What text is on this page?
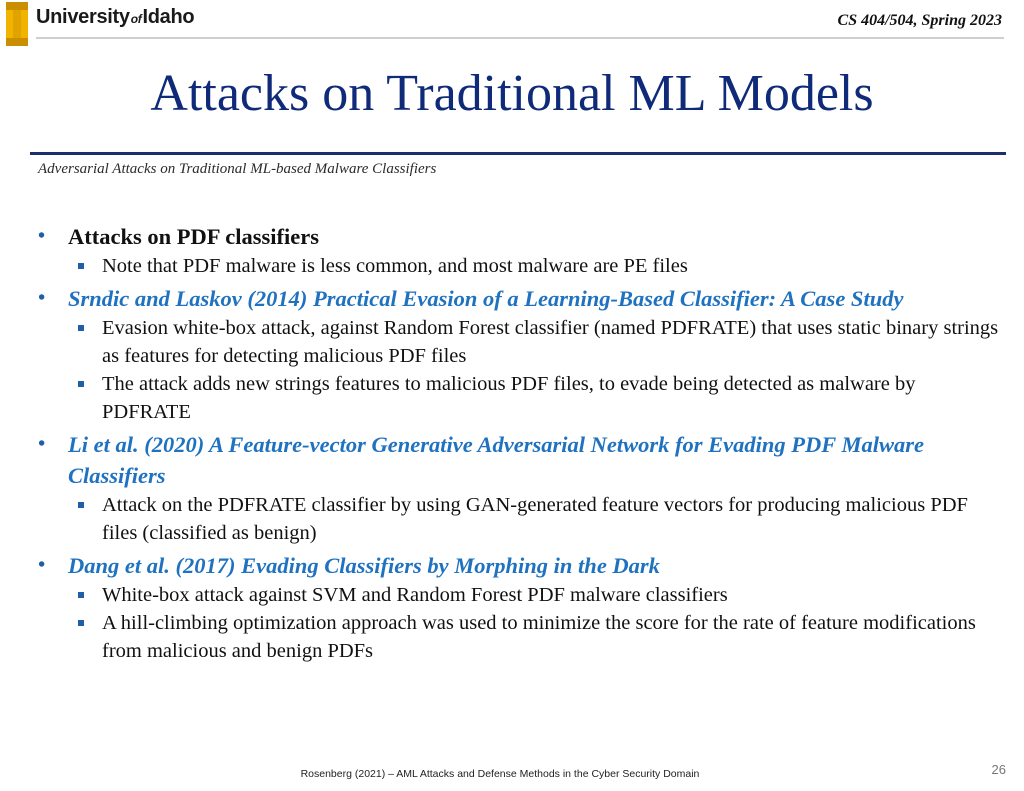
UniversityofIdaho	CS 404/504, Spring 2023
Attacks on Traditional ML Models
Adversarial Attacks on Traditional ML-based Malware Classifiers
• Attacks on PDF classifiers
Note that PDF malware is less common, and most malware are PE files
• Srndic and Laskov (2014) Practical Evasion of a Learning-Based Classifier: A Case Study
Evasion white-box attack, against Random Forest classifier (named PDFRATE) that uses static binary strings as features for detecting malicious PDF files
The attack adds new strings features to malicious PDF files, to evade being detected as malware by PDFRATE
• Li et al. (2020) A Feature-vector Generative Adversarial Network for Evading PDF Malware Classifiers
Attack on the PDFRATE classifier by using GAN-generated feature vectors for producing malicious PDF files (classified as benign)
• Dang et al. (2017) Evading Classifiers by Morphing in the Dark
White-box attack against SVM and Random Forest PDF malware classifiers
A hill-climbing optimization approach was used to minimize the score for the rate of feature modifications from malicious and benign PDFs
Rosenberg (2021) – AML Attacks and Defense Methods in the Cyber Security Domain	26
